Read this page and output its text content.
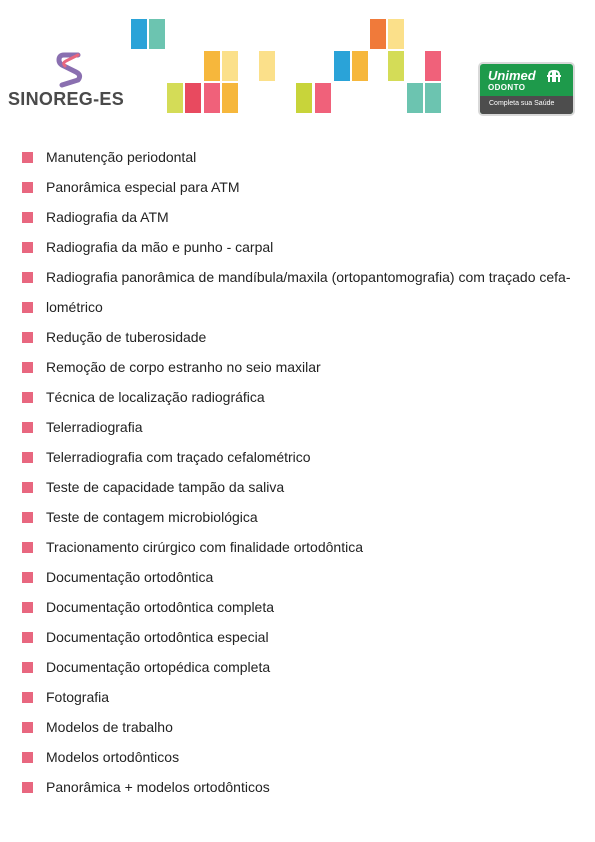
SINOREG-ES
Unimed
ODONTO
Completa sua Saúde
Manutenção periodontal
Panorâmica especial para ATM
Radiografia da ATM
Radiografia da mão e punho - carpal
Radiografia panorâmica de mandíbula/maxila (ortopantomografia) com traçado cefa-
lométrico
Redução de tuberosidade
Remoção de corpo estranho no seio maxilar
Técnica de localização radiográfica
Telerradiografia
Telerradiografia com traçado cefalométrico
Teste de capacidade tampão da saliva
Teste de contagem microbiológica
Tracionamento cirúrgico com finalidade ortodôntica
Documentação ortodôntica
Documentação ortodôntica completa
Documentação ortodôntica especial
Documentação ortopédica completa
Fotografia
Modelos de trabalho
Modelos ortodônticos
Panorâmica + modelos ortodônticos
